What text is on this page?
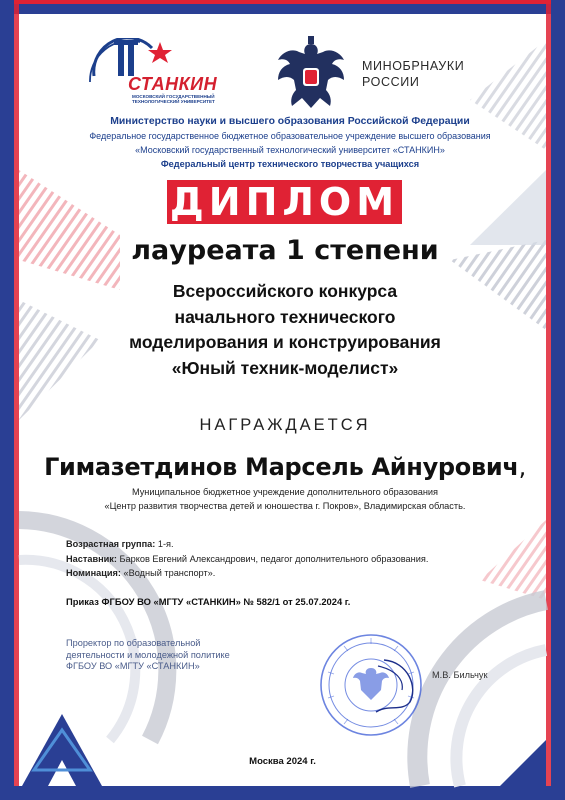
СТАНКИН
МОСКОВСКИЙ ГОСУДАРСТВЕННЫЙ ТЕХНОЛОГИЧЕСКИЙ УНИВЕРСИТЕТ
МИНОБРНАУКИ
РОССИИ
Министерство науки и высшего образования Российской Федерации
Федеральное государственное бюджетное образовательное учреждение высшего образования
«Московский государственный технологический университет «СТАНКИН»
Федеральный центр технического творчества учащихся
ДИПЛОМ
лауреата 1 степени
Всероссийского конкурса
начального технического
моделирования и конструирования
«Юный техник-моделист»
НАГРАЖДАЕТСЯ
Гимазетдинов Марсель Айнурович,
Муниципальное бюджетное учреждение дополнительного образования
«Центр развития творчества детей и юношества г. Покров», Владимирская область.
Возрастная группа: 1-я.
Наставник: Барков Евгений Александрович, педагог дополнительного образования.
Номинация: «Водный транспорт».
Приказ ФГБОУ ВО «МГТУ «СТАНКИН» № 582/1 от 25.07.2024 г.
Проректор по образовательной
деятельности и молодежной политике
ФГБОУ ВО «МГТУ «СТАНКИН»
М.В. Бильчук
Москва 2024 г.
